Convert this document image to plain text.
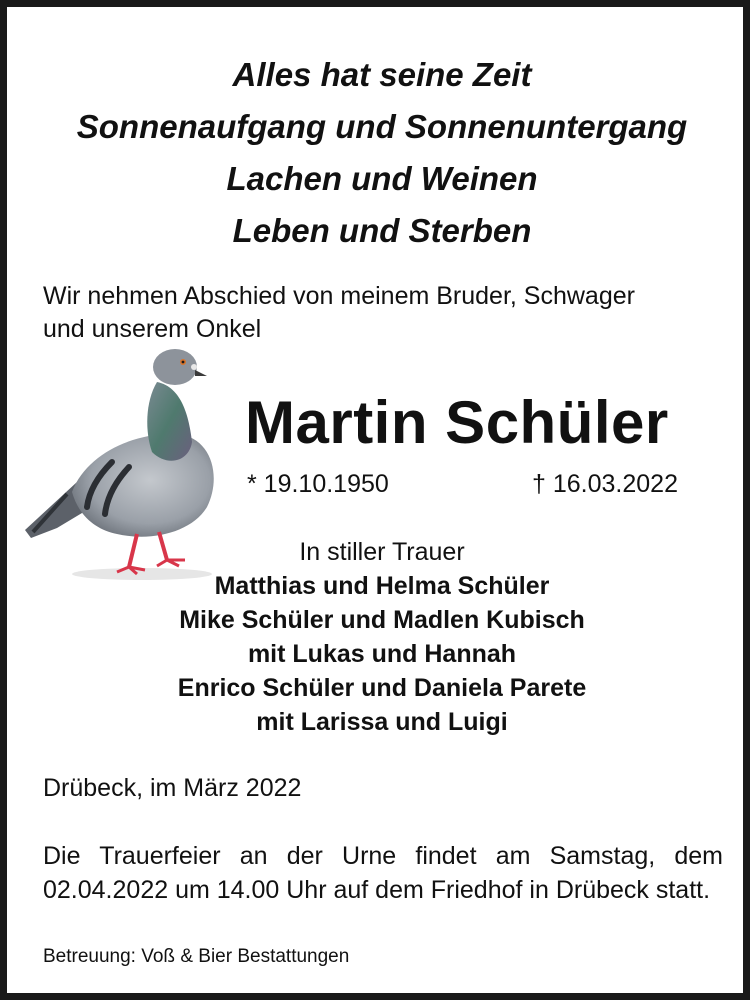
Alles hat seine Zeit
Sonnenaufgang und Sonnenuntergang
Lachen und Weinen
Leben und Sterben
Wir nehmen Abschied von meinem Bruder, Schwager
und unserem Onkel
Martin Schüler
* 19.10.1950	† 16.03.2022
In stiller Trauer
Matthias und Helma Schüler
Mike Schüler und Madlen Kubisch
mit Lukas und Hannah
Enrico Schüler und Daniela Parete
mit Larissa und Luigi
Drübeck, im März 2022
Die Trauerfeier an der Urne findet am Samstag, dem 02.04.2022 um 14.00 Uhr auf dem Friedhof in Drübeck statt.
Betreuung: Voß & Bier Bestattungen
